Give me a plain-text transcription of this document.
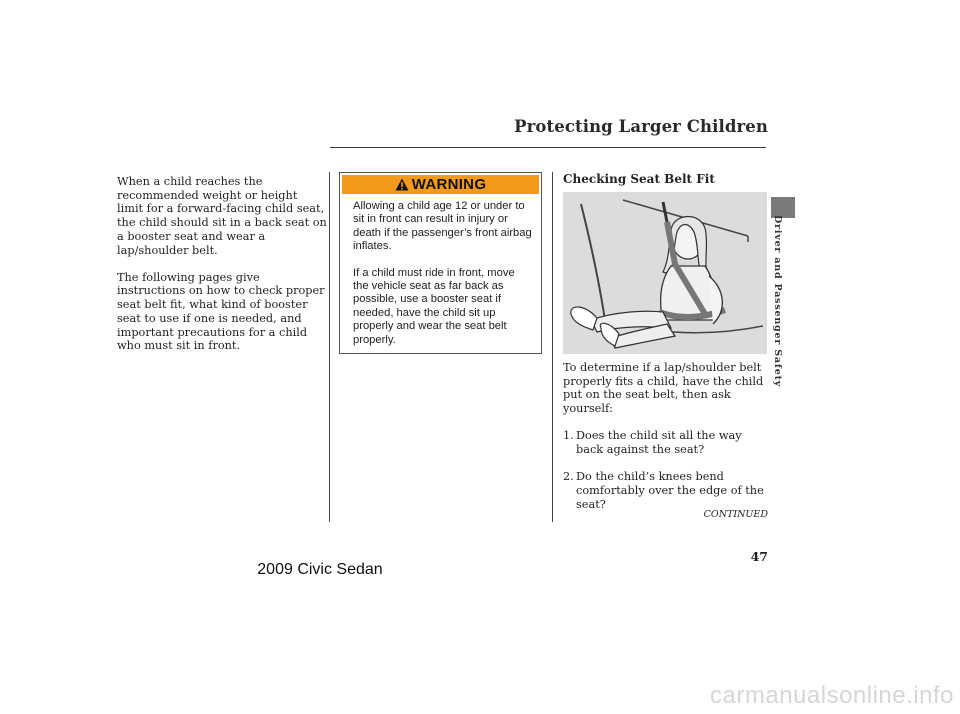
Protecting Larger Children

When a child reaches the recommended weight or height limit for a forward-facing child seat, the child should sit in a back seat on a booster seat and wear a lap/shoulder belt.

The following pages give instructions on how to check proper seat belt fit, what kind of booster seat to use if one is needed, and important precautions for a child who must sit in front.

WARNING

Allowing a child age 12 or under to sit in front can result in injury or death if the passenger’s front airbag inflates.

If a child must ride in front, move the vehicle seat as far back as possible, use a booster seat if needed, have the child sit up properly and wear the seat belt properly.

Checking Seat Belt Fit

To determine if a lap/shoulder belt properly fits a child, have the child put on the seat belt, then ask yourself:

1. Does the child sit all the way back against the seat?
2. Do the child’s knees bend comfortably over the edge of the seat?
CONTINUED
Driver and Passenger Safety
47
2009 Civic Sedan
carmanualsonline.info
